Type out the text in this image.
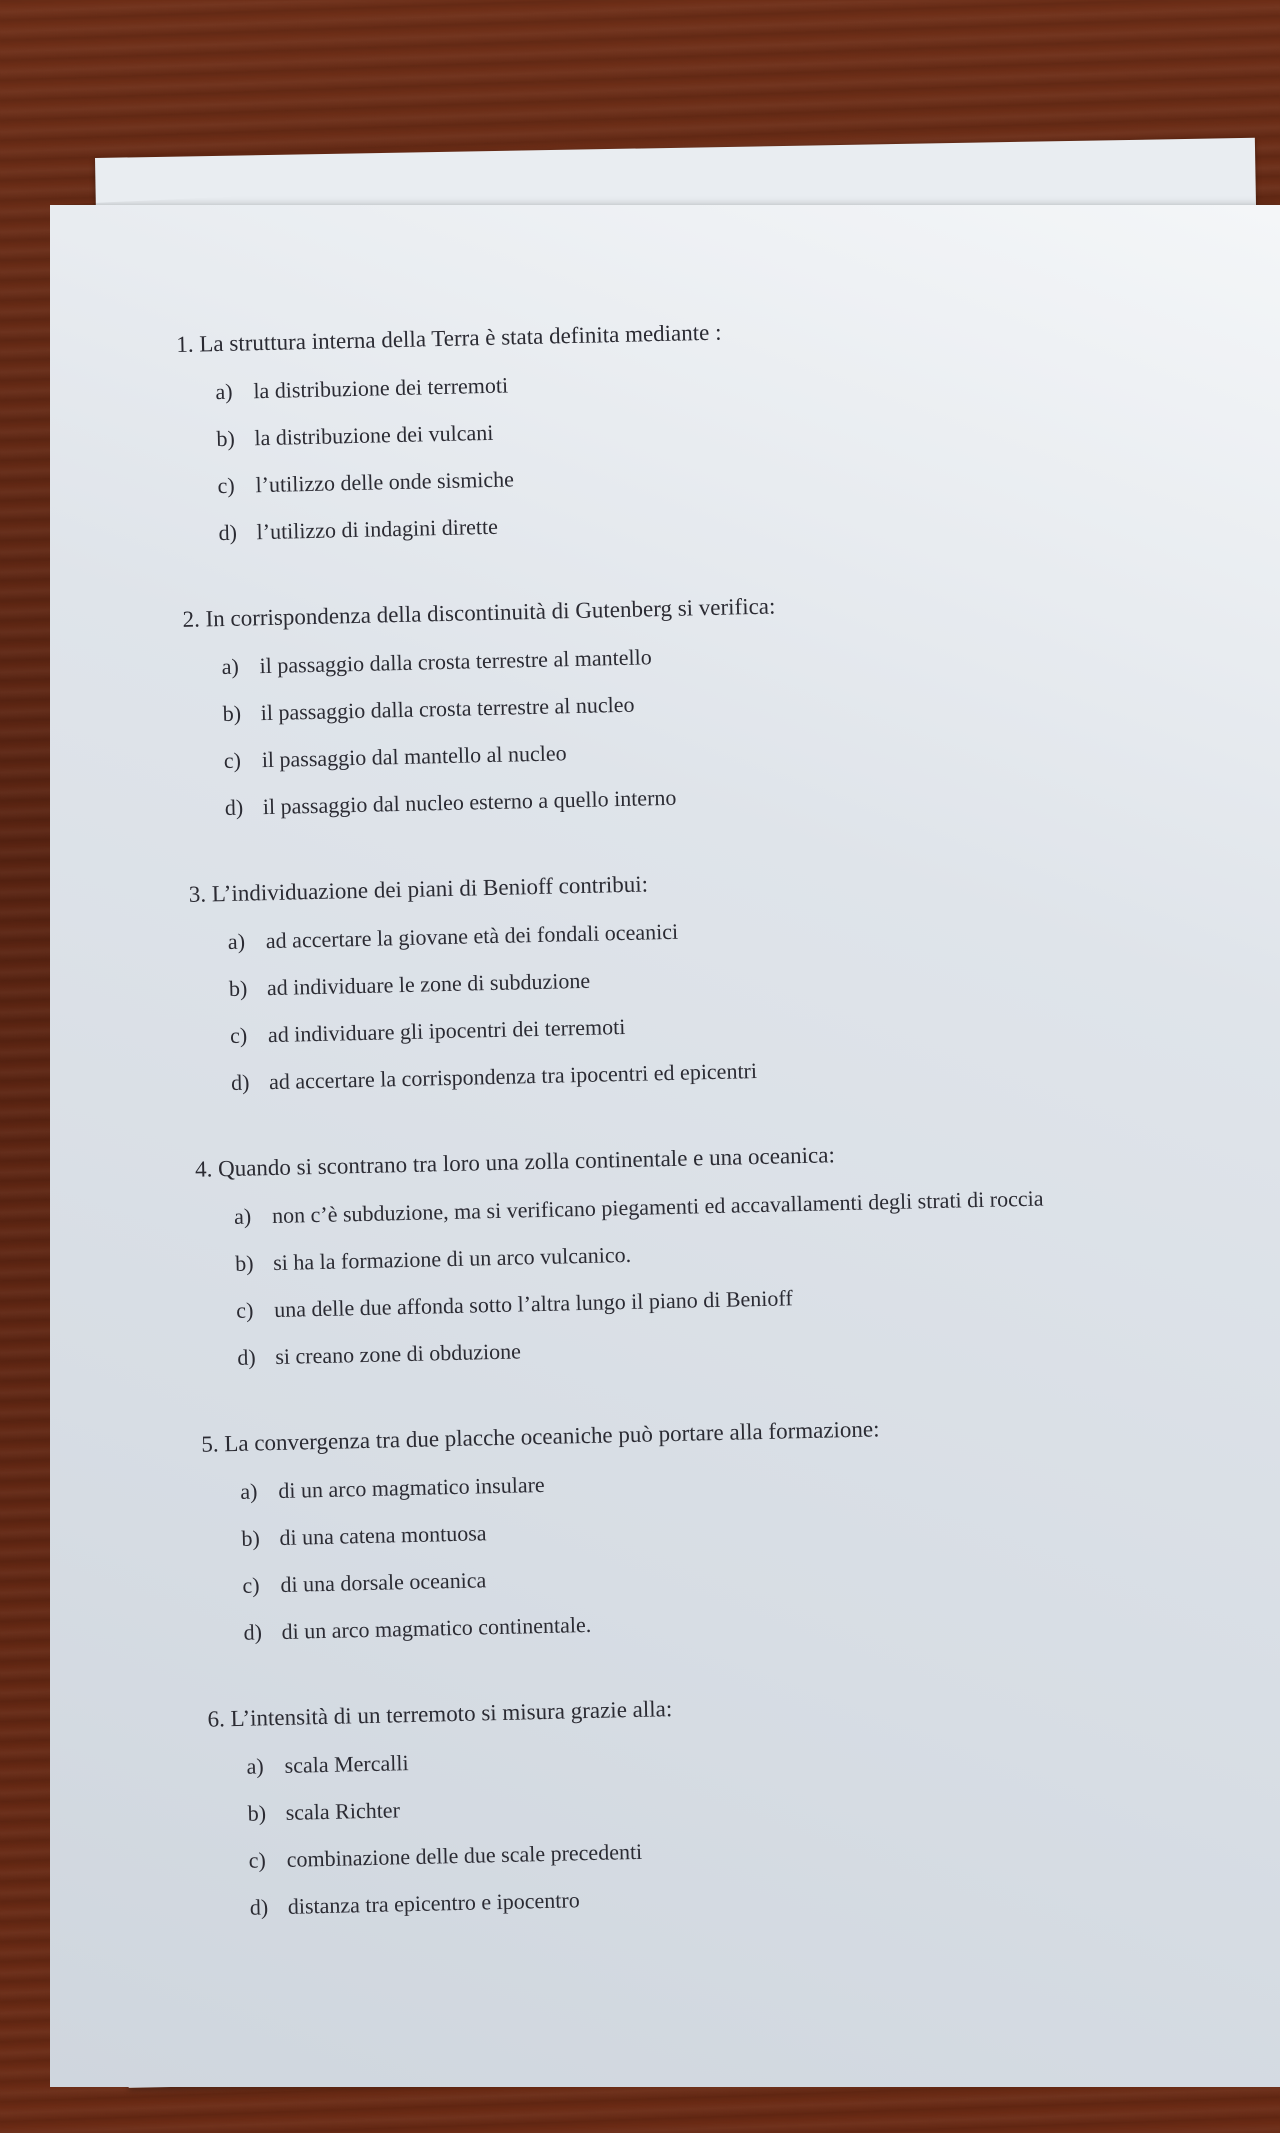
1. La struttura interna della Terra è stata definita mediante :

a) la distribuzione dei terremoti
b) la distribuzione dei vulcani
c) l’utilizzo delle onde sismiche
d) l’utilizzo di indagini dirette

2. In corrispondenza della discontinuità di Gutenberg si verifica:

a) il passaggio dalla crosta terrestre al mantello
b) il passaggio dalla crosta terrestre al nucleo
c) il passaggio dal mantello al nucleo
d) il passaggio dal nucleo esterno a quello interno

3. L’individuazione dei piani di Benioff contribui:

a) ad accertare la giovane età dei fondali oceanici
b) ad individuare le zone di subduzione
c) ad individuare gli ipocentri dei terremoti
d) ad accertare la corrispondenza tra ipocentri ed epicentri

4. Quando si scontrano tra loro una zolla continentale e una oceanica:

a) non c’è subduzione, ma si verificano piegamenti ed accavallamenti degli strati di roccia
b) si ha la formazione di un arco vulcanico.
c) una delle due affonda sotto l’altra lungo il piano di Benioff
d) si creano zone di obduzione

5. La convergenza tra due placche oceaniche può portare alla formazione:

a) di un arco magmatico insulare
b) di una catena montuosa
c) di una dorsale oceanica
d) di un arco magmatico continentale.

6. L’intensità di un terremoto si misura grazie alla:

a) scala Mercalli
b) scala Richter
c) combinazione delle due scale precedenti
d) distanza tra epicentro e ipocentro
